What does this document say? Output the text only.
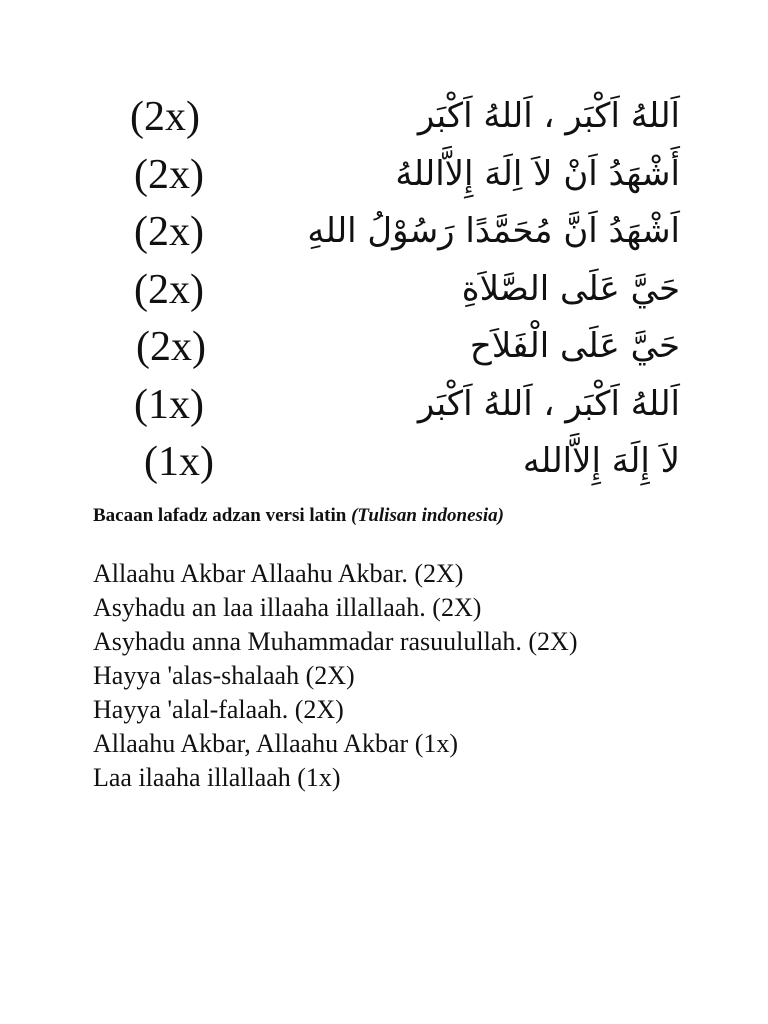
اَللهُ اَكْبَر ، اَللهُ اَكْبَر
(2x)
أَشْهَدُ اَنْ لاَ اِلَهَ إِلاَّاللهُ
(2x)
اَشْهَدُ اَنَّ مُحَمَّدًا رَسُوْلُ اللهِ
(2x)
حَيَّ عَلَى الصَّلاَةِ
(2x)
حَيَّ عَلَى الْفَلاَح
(2x)
اَللهُ اَكْبَر ، اَللهُ اَكْبَر
(1x)
لاَ إِلَهَ إِلاَّالله
(1x)
Bacaan lafadz adzan versi latin (Tulisan indonesia)
Allaahu Akbar Allaahu Akbar. (2X)
Asyhadu an laa illaaha illallaah. (2X)
Asyhadu anna Muhammadar rasuulullah. (2X)
Hayya 'alas-shalaah (2X)
Hayya 'alal-falaah. (2X)
Allaahu Akbar, Allaahu Akbar (1x)
Laa ilaaha illallaah (1x)
